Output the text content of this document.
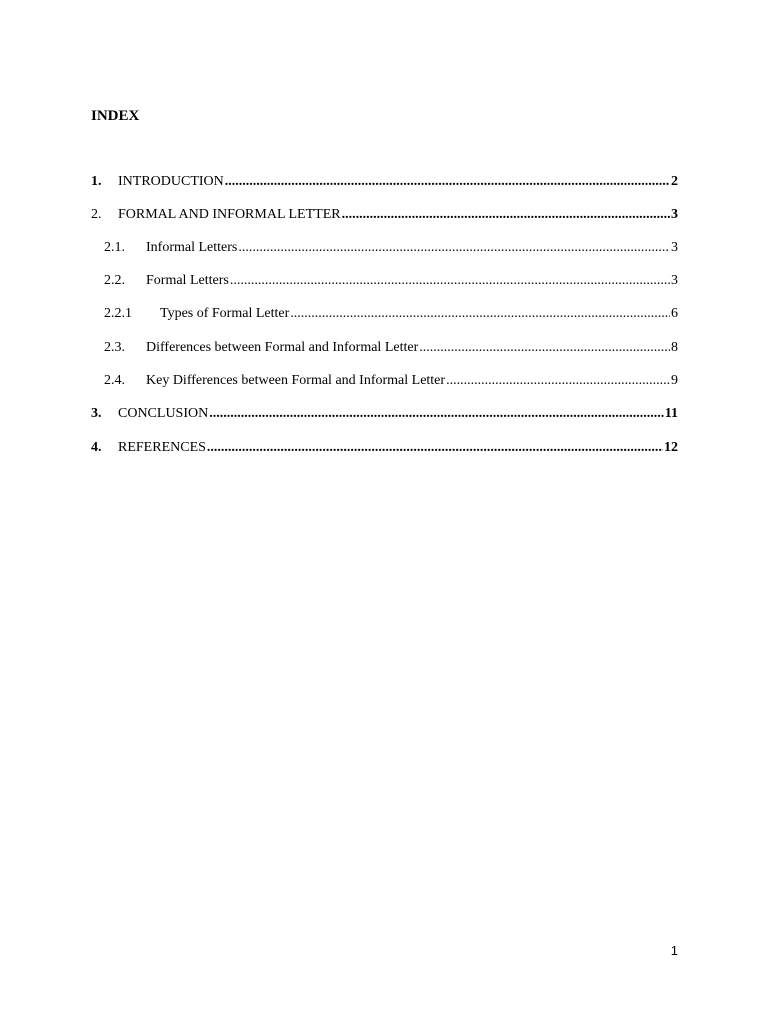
INDEX
1.	INTRODUCTION .....	2
2.	FORMAL AND INFORMAL LETTER .....	3
2.1.	Informal Letters .....	3
2.2.	Formal Letters .....	3
2.2.1	Types of Formal Letter .....	6
2.3.	Differences between Formal and Informal Letter .....	8
2.4.	Key Differences between Formal and Informal Letter .....	9
3.	CONCLUSION .....	11
4.	REFERENCES .....	12
1
